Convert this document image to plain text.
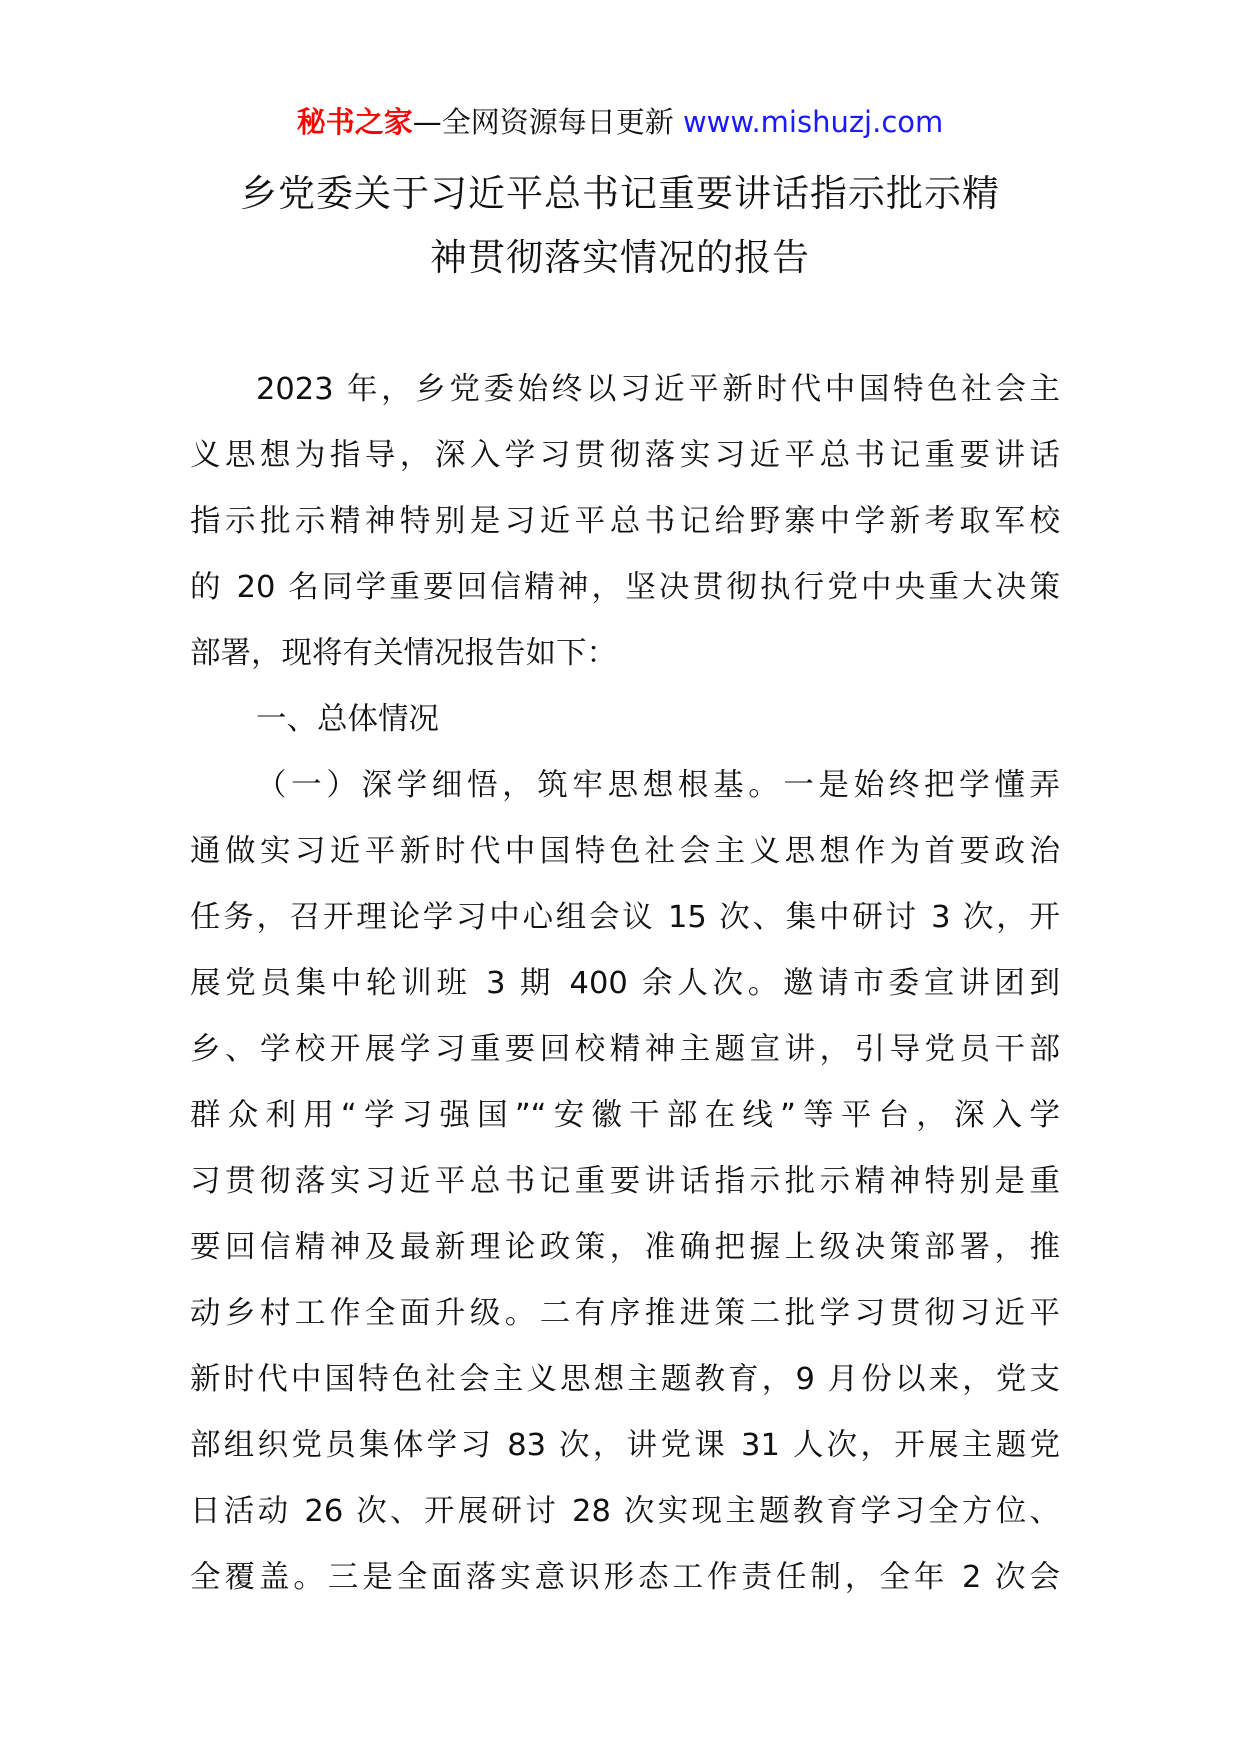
秘书之家—全网资源每日更新 www.mishuzj.com
乡党委关于习近平总书记重要讲话指示批示精
神贯彻落实情况的报告
2023 年，乡党委始终以习近平新时代中国特色社会主
义思想为指导，深入学习贯彻落实习近平总书记重要讲话
指示批示精神特别是习近平总书记给野寨中学新考取军校
的 20 名同学重要回信精神，坚决贯彻执行党中央重大决策
部署，现将有关情况报告如下：
一、总体情况
（一）深学细悟，筑牢思想根基。一是始终把学懂弄
通做实习近平新时代中国特色社会主义思想作为首要政治
任务，召开理论学习中心组会议 15 次、集中研讨 3 次，开
展党员集中轮训班 3 期 400 余人次。邀请市委宣讲团到
乡、学校开展学习重要回校精神主题宣讲，引导党员干部
群众利用“学习强国”“安徽干部在线”等平台，深入学
习贯彻落实习近平总书记重要讲话指示批示精神特别是重
要回信精神及最新理论政策，准确把握上级决策部署，推
动乡村工作全面升级。二有序推进策二批学习贯彻习近平
新时代中国特色社会主义思想主题教育，9 月份以来，党支
部组织党员集体学习 83 次，讲党课 31 人次，开展主题党
日活动 26 次、开展研讨 28 次实现主题教育学习全方位、
全覆盖。三是全面落实意识形态工作责任制，全年 2 次会
